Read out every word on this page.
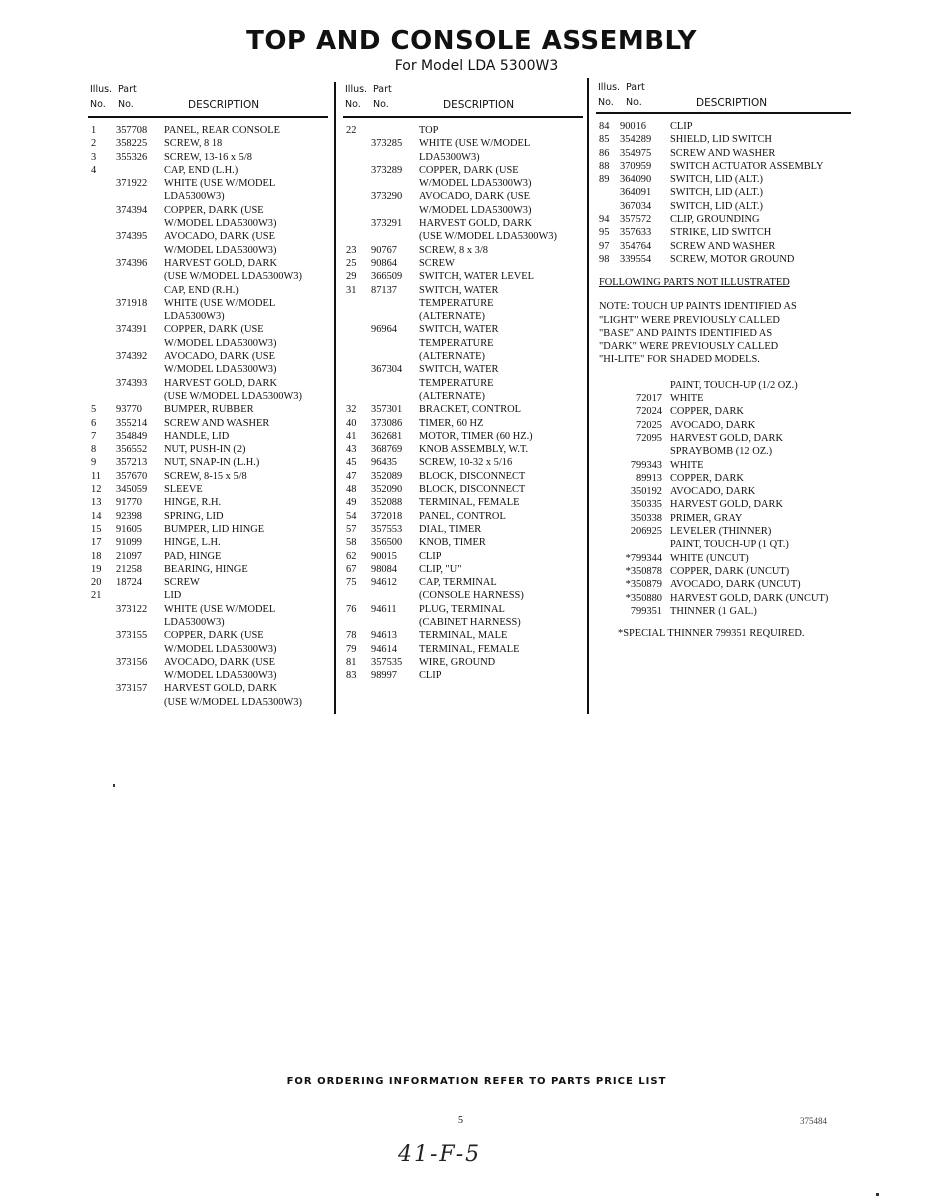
TOP AND CONSOLE ASSEMBLY
For Model LDA 5300W3
Illus. Part
No. No.	DESCRIPTION
1	357708	PANEL, REAR CONSOLE
2	358225	SCREW, 8 18
3	355326	SCREW, 13-16 x 5/8
4	CAP, END (L.H.)
371922	WHITE (USE W/MODEL
LDA5300W3)
374394	COPPER, DARK (USE
W/MODEL LDA5300W3)
374395	AVOCADO, DARK (USE
W/MODEL LDA5300W3)
374396	HARVEST GOLD, DARK
(USE W/MODEL LDA5300W3)
CAP, END (R.H.)
371918	WHITE (USE W/MODEL
LDA5300W3)
374391	COPPER, DARK (USE
W/MODEL LDA5300W3)
374392	AVOCADO, DARK (USE
W/MODEL LDA5300W3)
374393	HARVEST GOLD, DARK
(USE W/MODEL LDA5300W3)
5	93770	BUMPER, RUBBER
6	355214	SCREW AND WASHER
7	354849	HANDLE, LID
8	356552	NUT, PUSH-IN (2)
9	357213	NUT, SNAP-IN (L.H.)
11	357670	SCREW, 8-15 x 5/8
12	345059	SLEEVE
13	91770	HINGE, R.H.
14	92398	SPRING, LID
15	91605	BUMPER, LID HINGE
17	91099	HINGE, L.H.
18	21097	PAD, HINGE
19	21258	BEARING, HINGE
20	18724	SCREW
21	LID
373122	WHITE (USE W/MODEL
LDA5300W3)
373155	COPPER, DARK (USE
W/MODEL LDA5300W3)
373156	AVOCADO, DARK (USE
W/MODEL LDA5300W3)
373157	HARVEST GOLD, DARK
(USE W/MODEL LDA5300W3)
Illus. Part
No. No.	DESCRIPTION
22	TOP
373285	WHITE (USE W/MODEL
LDA5300W3)
373289	COPPER, DARK (USE
W/MODEL LDA5300W3)
373290	AVOCADO, DARK (USE
W/MODEL LDA5300W3)
373291	HARVEST GOLD, DARK
(USE W/MODEL LDA5300W3)
23	90767	SCREW, 8 x 3/8
25	90864	SCREW
29	366509	SWITCH, WATER LEVEL
31	87137	SWITCH, WATER
TEMPERATURE
(ALTERNATE)
96964	SWITCH, WATER
TEMPERATURE
(ALTERNATE)
367304	SWITCH, WATER
TEMPERATURE
(ALTERNATE)
32	357301	BRACKET, CONTROL
40	373086	TIMER, 60 HZ
41	362681	MOTOR, TIMER (60 HZ.)
43	368769	KNOB ASSEMBLY, W.T.
45	96435	SCREW, 10-32 x 5/16
47	352089	BLOCK, DISCONNECT
48	352090	BLOCK, DISCONNECT
49	352088	TERMINAL, FEMALE
54	372018	PANEL, CONTROL
57	357553	DIAL, TIMER
58	356500	KNOB, TIMER
62	90015	CLIP
67	98084	CLIP, "U"
75	94612	CAP, TERMINAL
(CONSOLE HARNESS)
76	94611	PLUG, TERMINAL
(CABINET HARNESS)
78	94613	TERMINAL, MALE
79	94614	TERMINAL, FEMALE
81	357535	WIRE, GROUND
83	98997	CLIP
Illus. Part
No. No.	DESCRIPTION
84	90016	CLIP
85	354289	SHIELD, LID SWITCH
86	354975	SCREW AND WASHER
88	370959	SWITCH ACTUATOR ASSEMBLY
89	364090	SWITCH, LID (ALT.)
364091	SWITCH, LID (ALT.)
367034	SWITCH, LID (ALT.)
94	357572	CLIP, GROUNDING
95	357633	STRIKE, LID SWITCH
97	354764	SCREW AND WASHER
98	339554	SCREW, MOTOR GROUND
FOLLOWING PARTS NOT ILLUSTRATED
NOTE: TOUCH UP PAINTS IDENTIFIED AS
"LIGHT" WERE PREVIOUSLY CALLED
"BASE" AND PAINTS IDENTIFIED AS
"DARK" WERE PREVIOUSLY CALLED
"HI-LITE" FOR SHADED MODELS.
PAINT, TOUCH-UP (1/2 OZ.)
72017 WHITE
72024 COPPER, DARK
72025 AVOCADO, DARK
72095 HARVEST GOLD, DARK
SPRAYBOMB (12 OZ.)
799343 WHITE
89913 COPPER, DARK
350192 AVOCADO, DARK
350335 HARVEST GOLD, DARK
350338 PRIMER, GRAY
206925 LEVELER (THINNER)
PAINT, TOUCH-UP (1 QT.)
*799344 WHITE (UNCUT)
*350878 COPPER, DARK (UNCUT)
*350879 AVOCADO, DARK (UNCUT)
*350880 HARVEST GOLD, DARK (UNCUT)
799351 THINNER (1 GAL.)
*SPECIAL THINNER 799351 REQUIRED.
FOR ORDERING INFORMATION REFER TO PARTS PRICE LIST
5	375484
41-F-5
